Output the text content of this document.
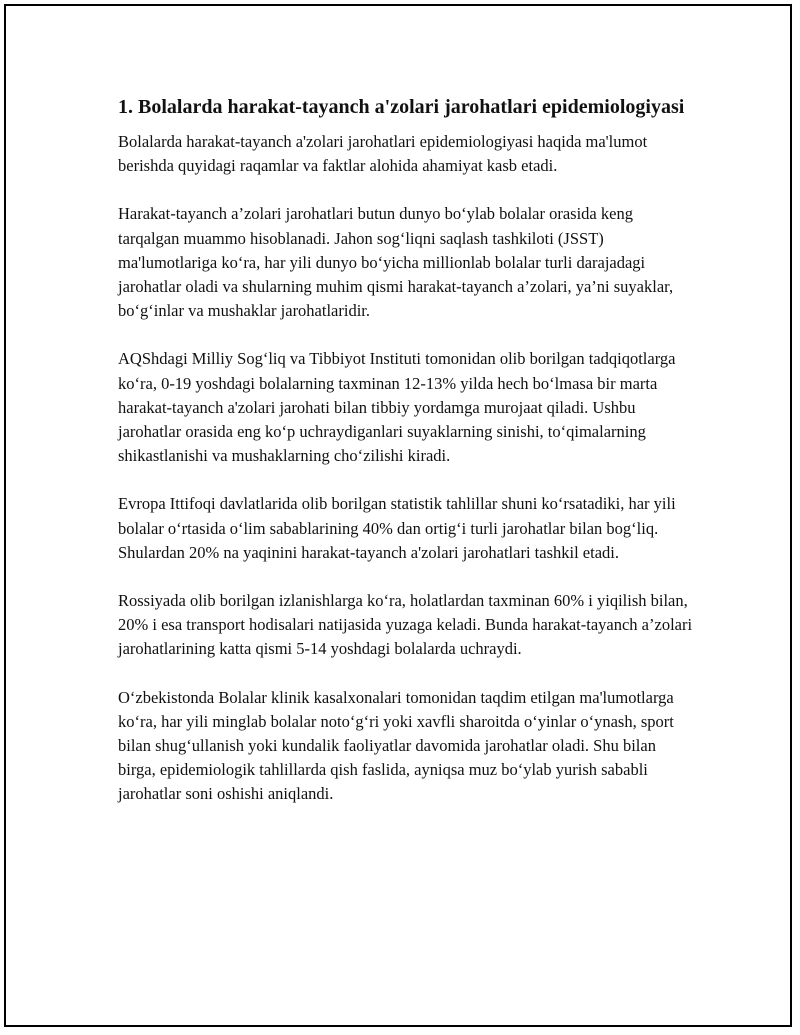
1. Bolalarda harakat-tayanch a'zolari jarohatlari epidemiologiyasi

Bolalarda harakat-tayanch a'zolari jarohatlari epidemiologiyasi haqida ma'lumot berishda quyidagi raqamlar va faktlar alohida ahamiyat kasb etadi.

Harakat-tayanch a’zolari jarohatlari butun dunyo bo‘ylab bolalar orasida keng tarqalgan muammo hisoblanadi. Jahon sog‘liqni saqlash tashkiloti (JSST) ma'lumotlariga ko‘ra, har yili dunyo bo‘yicha millionlab bolalar turli darajadagi jarohatlar oladi va shularning muhim qismi harakat-tayanch a’zolari, ya’ni suyaklar, bo‘g‘inlar va mushaklar jarohatlaridir.

AQShdagi Milliy Sog‘liq va Tibbiyot Instituti tomonidan olib borilgan tadqiqotlarga ko‘ra, 0-19 yoshdagi bolalarning taxminan 12-13% yilda hech bo‘lmasa bir marta harakat-tayanch a'zolari jarohati bilan tibbiy yordamga murojaat qiladi. Ushbu jarohatlar orasida eng ko‘p uchraydiganlari suyaklarning sinishi, to‘qimalarning shikastlanishi va mushaklarning cho‘zilishi kiradi.

Evropa Ittifoqi davlatlarida olib borilgan statistik tahlillar shuni ko‘rsatadiki, har yili bolalar o‘rtasida o‘lim sabablarining 40% dan ortig‘i turli jarohatlar bilan bog‘liq. Shulardan 20% na yaqinini harakat-tayanch a'zolari jarohatlari tashkil etadi.

Rossiyada olib borilgan izlanishlarga ko‘ra, holatlardan taxminan 60% i yiqilish bilan, 20% i esa transport hodisalari natijasida yuzaga keladi. Bunda harakat-tayanch a’zolari jarohatlarining katta qismi 5-14 yoshdagi bolalarda uchraydi.

O‘zbekistonda Bolalar klinik kasalxonalari tomonidan taqdim etilgan ma'lumotlarga ko‘ra, har yili minglab bolalar noto‘g‘ri yoki xavfli sharoitda o‘yinlar o‘ynash, sport bilan shug‘ullanish yoki kundalik faoliyatlar davomida jarohatlar oladi. Shu bilan birga, epidemiologik tahlillarda qish faslida, ayniqsa muz bo‘ylab yurish sababli jarohatlar soni oshishi aniqlandi.
